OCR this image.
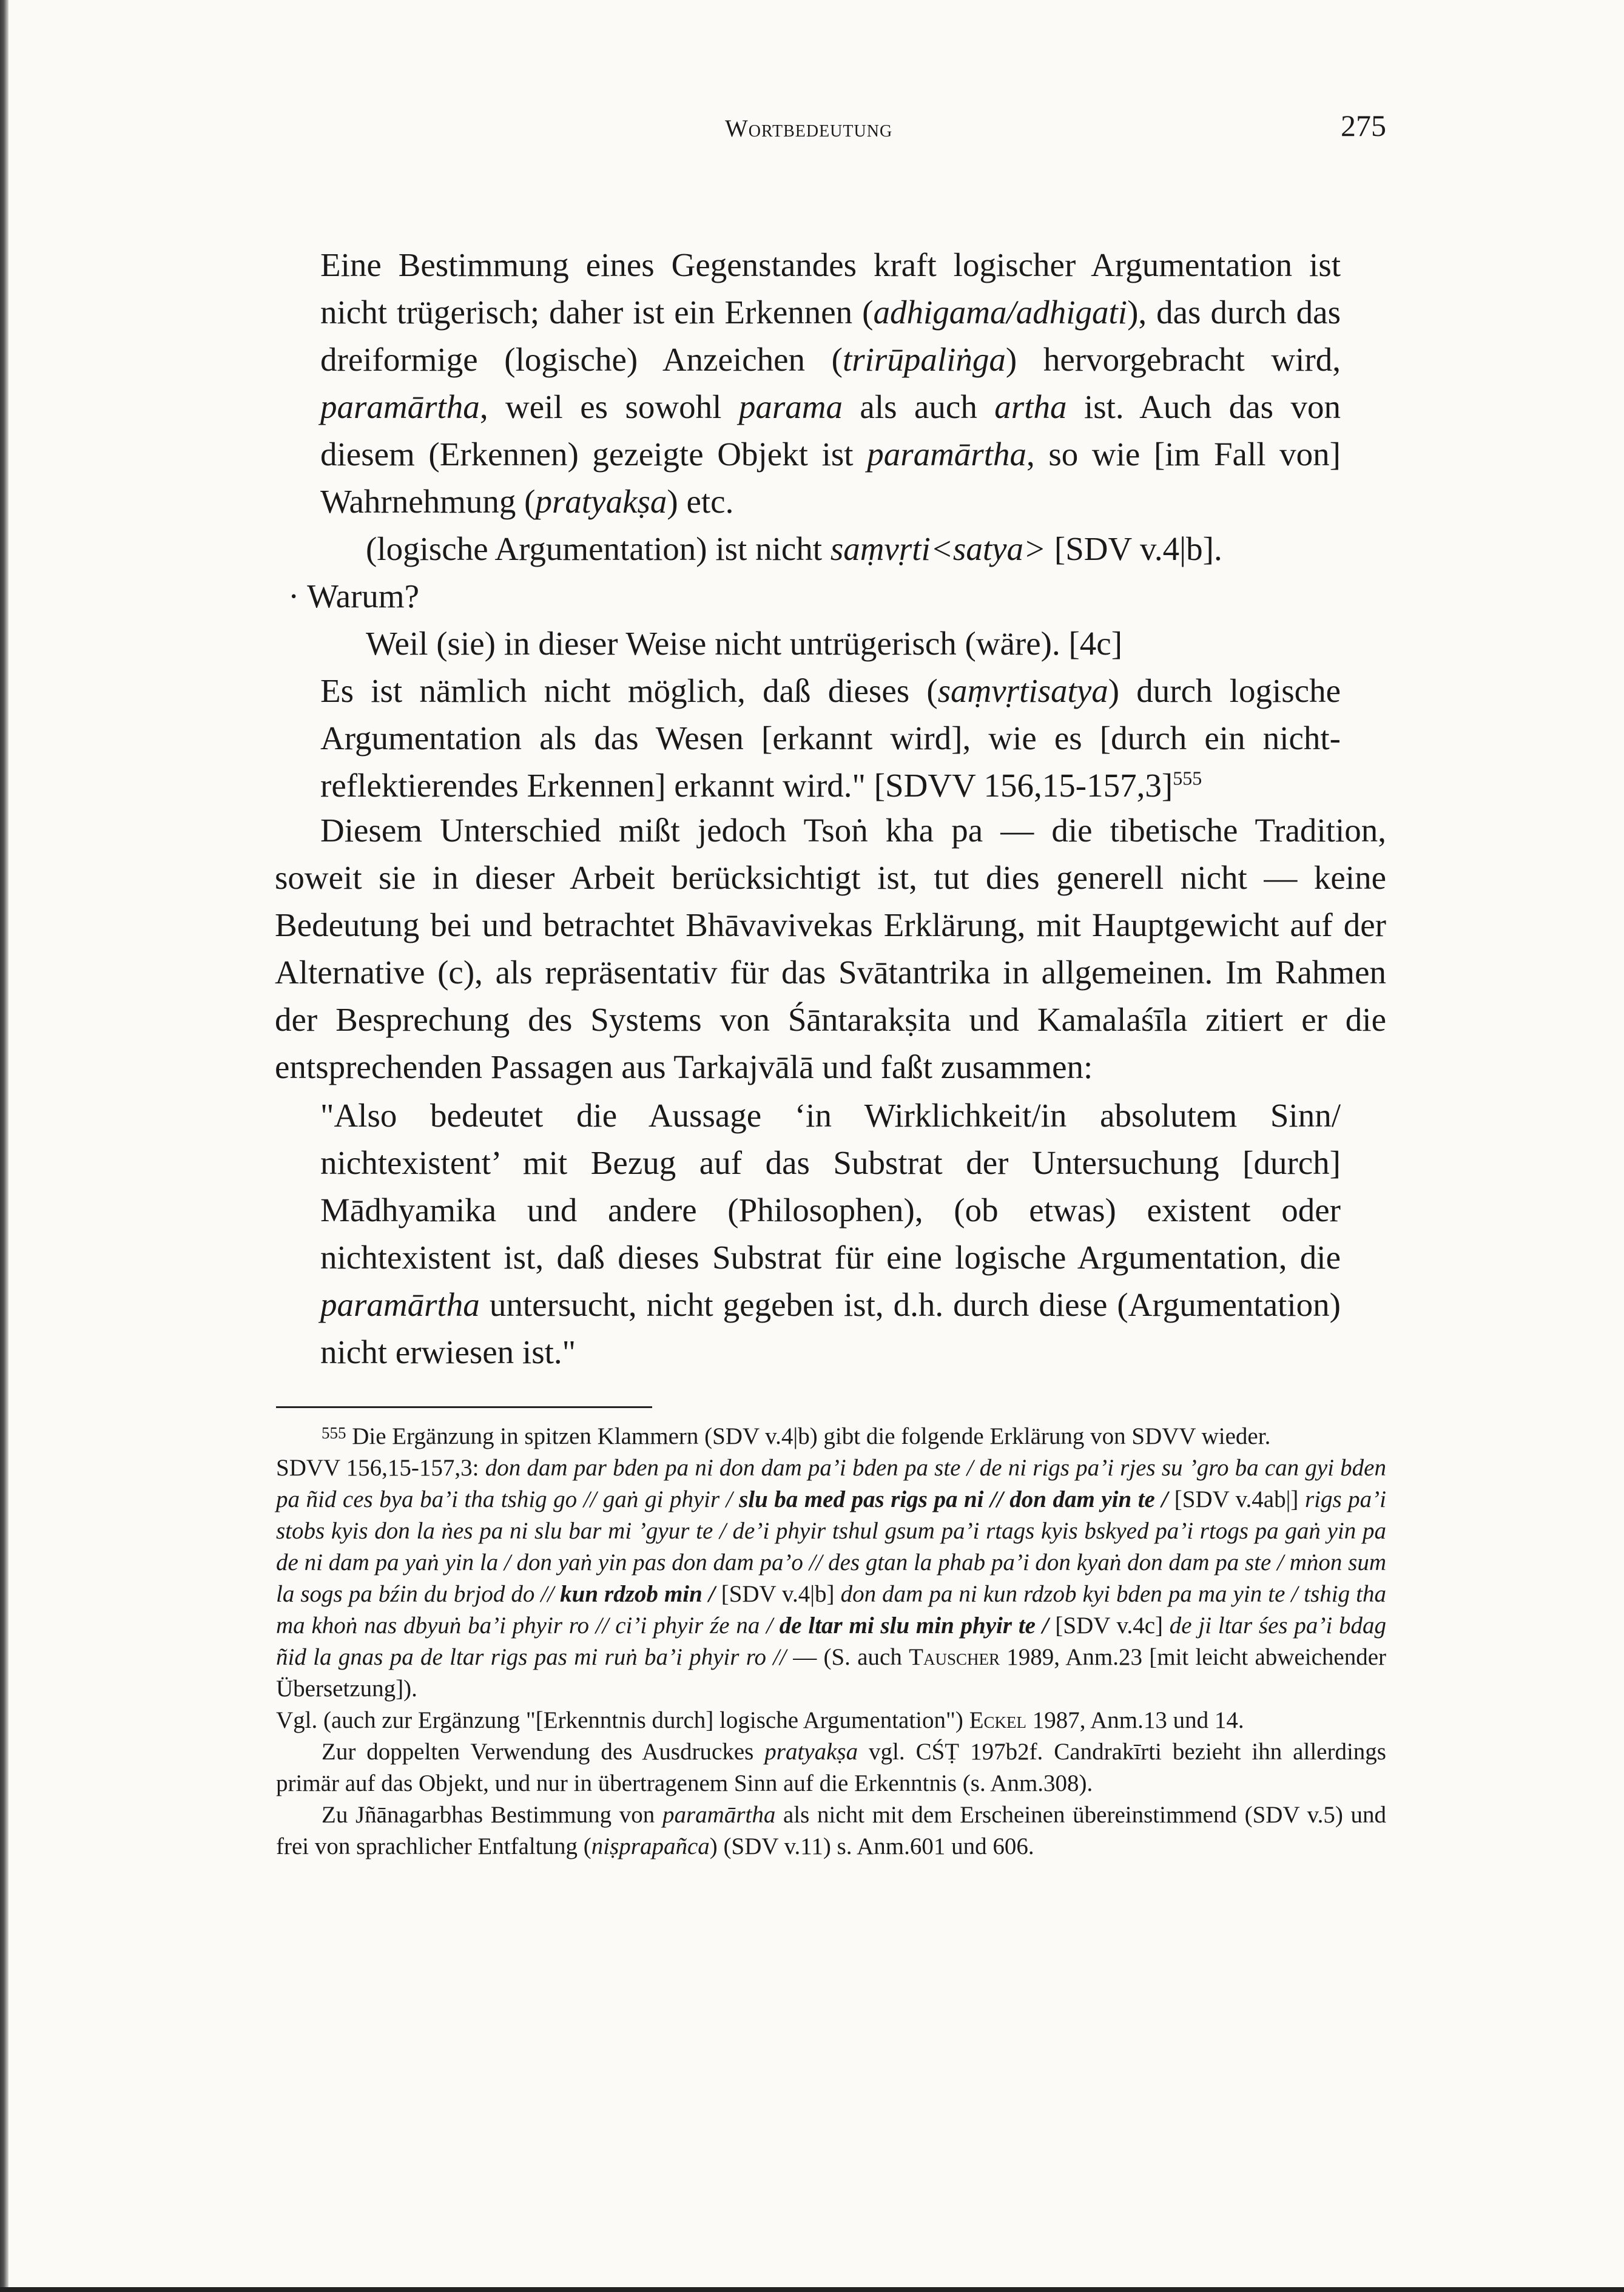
Wortbedeutung	275

Eine Bestimmung eines Gegenstandes kraft logischer Argumentation ist nicht trügerisch; daher ist ein Erkennen (adhigama/adhigati), das durch das dreiformige (logische) Anzeichen (trirūpaliṅga) hervorgebracht wird, paramārtha, weil es sowohl parama als auch artha ist. Auch das von diesem (Erkennen) gezeigte Objekt ist paramārtha, so wie [im Fall von] Wahrnehmung (pratyakṣa) etc.

(logische Argumentation) ist nicht saṃvṛti<satya> [SDV v.4|b].

· Warum?

Weil (sie) in dieser Weise nicht untrügerisch (wäre). [4c]

Es ist nämlich nicht möglich, daß dieses (saṃvṛtisatya) durch logische Argumentation als das Wesen [erkannt wird], wie es [durch ein nicht-reflektierendes Erkennen] erkannt wird." [SDVV 156,15-157,3]$^{555}$

Diesem Unterschied mißt jedoch Tsoṅ kha pa — die tibetische Tradition, soweit sie in dieser Arbeit berücksichtigt ist, tut dies generell nicht — keine Bedeutung bei und betrachtet Bhāvavivekas Erklärung, mit Hauptgewicht auf der Alternative (c), als repräsentativ für das Svātantrika in allgemeinen. Im Rahmen der Besprechung des Systems von Śāntarakṣita und Kamalaśīla zitiert er die entsprechenden Passagen aus Tarkajvālā und faßt zusammen:

"Also bedeutet die Aussage ‘in Wirklichkeit/in absolutem Sinn/ nichtexistent’ mit Bezug auf das Substrat der Untersuchung [durch] Mādhyamika und andere (Philosophen), (ob etwas) existent oder nichtexistent ist, daß dieses Substrat für eine logische Argumentation, die paramārtha untersucht, nicht gegeben ist, d.h. durch diese (Argumentation) nicht erwiesen ist."

$^{555}$ Die Ergänzung in spitzen Klammern (SDV v.4|b) gibt die folgende Erklärung von SDVV wieder.

SDVV 156,15-157,3: don dam par bden pa ni don dam pa’i bden pa ste / de ni rigs pa’i rjes su ’gro ba can gyi bden pa ñid ces bya ba’i tha tshig go // gaṅ gi phyir / slu ba med pas rigs pa ni // don dam yin te / [SDV v.4ab|] rigs pa’i stobs kyis don la ṅes pa ni slu bar mi ’gyur te / de’i phyir tshul gsum pa’i rtags kyis bskyed pa’i rtogs pa gaṅ yin pa de ni dam pa yaṅ yin la / don yaṅ yin pas don dam pa’o // des gtan la phab pa’i don kyaṅ don dam pa ste / mṅon sum la sogs pa bźin du brjod do // kun rdzob min / [SDV v.4|b] don dam pa ni kun rdzob kyi bden pa ma yin te / tshig tha ma khoṅ nas dbyuṅ ba’i phyir ro // ci’i phyir źe na / de ltar mi slu min phyir te / [SDV v.4c] de ji ltar śes pa’i bdag ñid la gnas pa de ltar rigs pas mi ruṅ ba’i phyir ro // — (S. auch Tauscher 1989, Anm.23 [mit leicht abweichender Übersetzung]).

Vgl. (auch zur Ergänzung "[Erkenntnis durch] logische Argumentation") Eckel 1987, Anm.13 und 14.

Zur doppelten Verwendung des Ausdruckes pratyakṣa vgl. CŚṬ 197b2f. Candrakīrti bezieht ihn allerdings primär auf das Objekt, und nur in übertragenem Sinn auf die Erkenntnis (s. Anm.308).

Zu Jñānagarbhas Bestimmung von paramārtha als nicht mit dem Erscheinen übereinstimmend (SDV v.5) und frei von sprachlicher Entfaltung (niṣprapañca) (SDV v.11) s. Anm.601 und 606.
